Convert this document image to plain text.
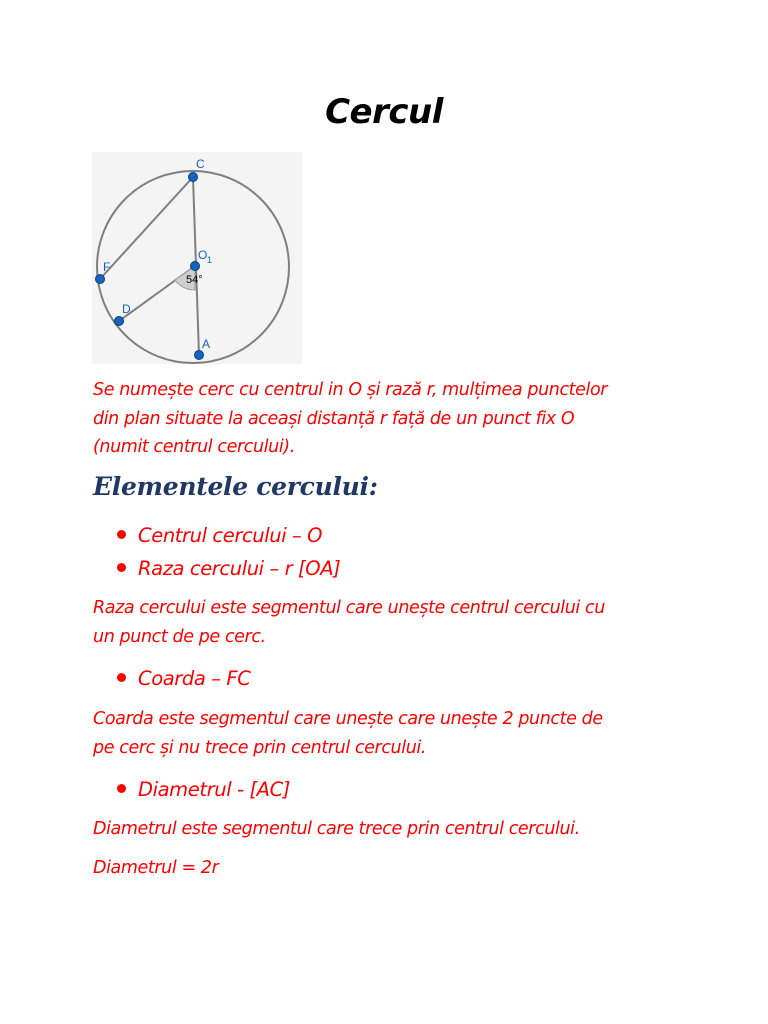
Cercul
C
F
D
A
O 1
54°

Se numește cerc cu centrul in O și rază r, mulțimea punctelor
din plan situate la aceași distanță r față de un punct fix O
(numit centrul cercului).

Elementele cercului:

Centrul cercului – O

Raza cercului – r [OA]

Raza cercului este segmentul care unește centrul cercului cu
un punct de pe cerc.

Coarda – FC

Coarda este segmentul care unește care unește 2 puncte de
pe cerc și nu trece prin centrul cercului.

Diametrul - [AC]

Diametrul este segmentul care trece prin centrul cercului.

Diametrul = 2r
